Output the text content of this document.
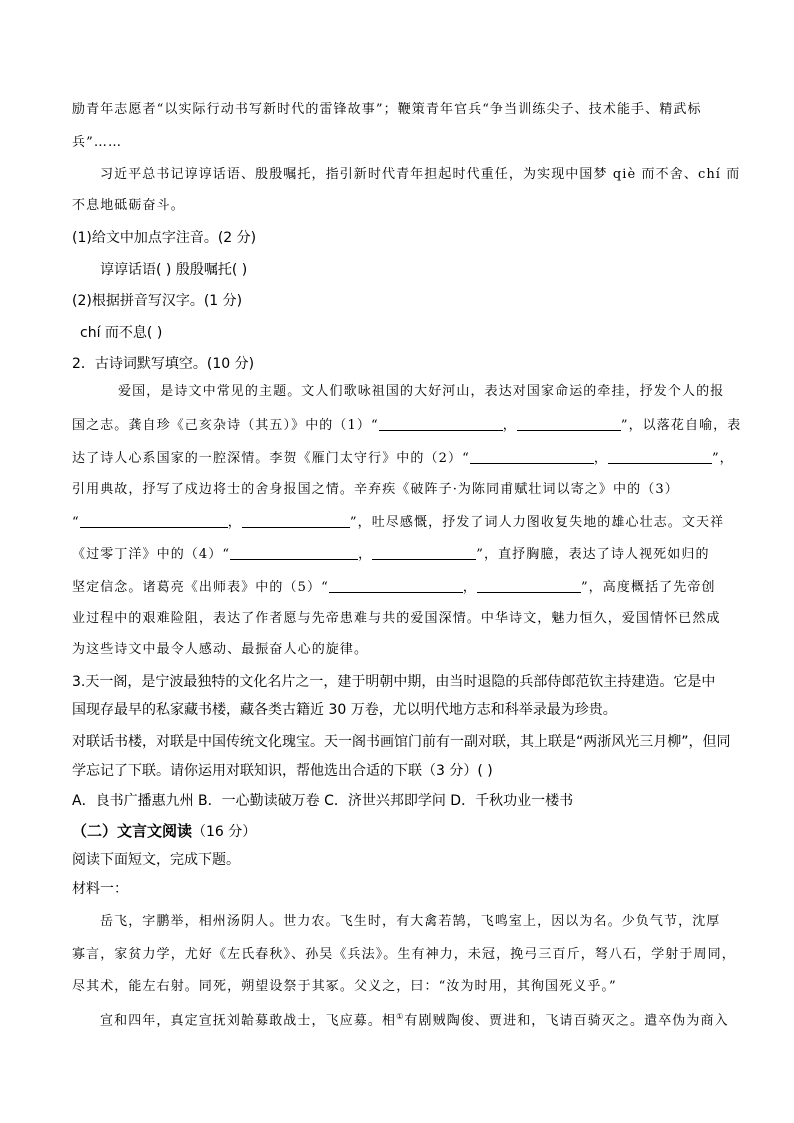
励青年志愿者“以实际行动书写新时代的雷锋故事”；鞭策青年官兵“争当训练尖子、技术能手、精武标
兵”……
习近平总书记谆谆话语、殷殷嘱托，指引新时代青年担起时代重任，为实现中国梦 qiè 而不舍、chí 而
不息地砥砺奋斗。
(1)给文中加点字注音。(2 分)
谆谆话语( ) 殷殷嘱托( )
(2)根据拼音写汉字。(1 分)
chí 而不息( )
2．古诗词默写填空。(10 分)
爱国，是诗文中常见的主题。文人们歌咏祖国的大好河山，表达对国家命运的牵挂，抒发个人的报
国之志。龚自珍《己亥杂诗（其五）》中的（1）“	，	”，以落花自喻，表
达了诗人心系国家的一腔深情。李贺《雁门太守行》中的（2）“	，	”，
引用典故，抒写了戍边将士的舍身报国之情。辛弃疾《破阵子·为陈同甫赋壮词以寄之》中的（3）
“	，	”，吐尽感慨，抒发了词人力图收复失地的雄心壮志。文天祥
《过零丁洋》中的（4）“	，	”，直抒胸臆，表达了诗人视死如归的
坚定信念。诸葛亮《出师表》中的（5）“	，	”，高度概括了先帝创
业过程中的艰难险阻，表达了作者愿与先帝患难与共的爱国深情。中华诗文，魅力恒久，爱国情怀已然成
为这些诗文中最令人感动、最振奋人心的旋律。
3.天一阁，是宁波最独特的文化名片之一，建于明朝中期，由当时退隐的兵部侍郎范钦主持建造。它是中
国现存最早的私家藏书楼，藏各类古籍近 30 万卷，尤以明代地方志和科举录最为珍贵。
对联话书楼，对联是中国传统文化瑰宝。天一阁书画馆门前有一副对联，其上联是“两浙风光三月柳”，但同
学忘记了下联。请你运用对联知识，帮他选出合适的下联（3 分）( )
A．良书广播惠九州 B．一心勤读破万卷 C．济世兴邦即学问 D．千秋功业一楼书
（二）文言文阅读（16 分）
阅读下面短文，完成下题。
材料一：
岳飞，字鹏举，相州汤阴人。世力农。飞生时，有大禽若鹄，飞鸣室上，因以为名。少负气节，沈厚
寡言，家贫力学，尤好《左氏春秋》、孙吴《兵法》。生有神力，未冠，挽弓三百斤，弩八石，学射于周同，
尽其术，能左右射。同死，朔望设祭于其冢。父义之，曰：“汝为时用，其徇国死义乎。”
宣和四年，真定宣抚刘韐募敢战士，飞应募。相①有剧贼陶俊、贾进和，飞请百骑灭之。遣卒伪为商入
